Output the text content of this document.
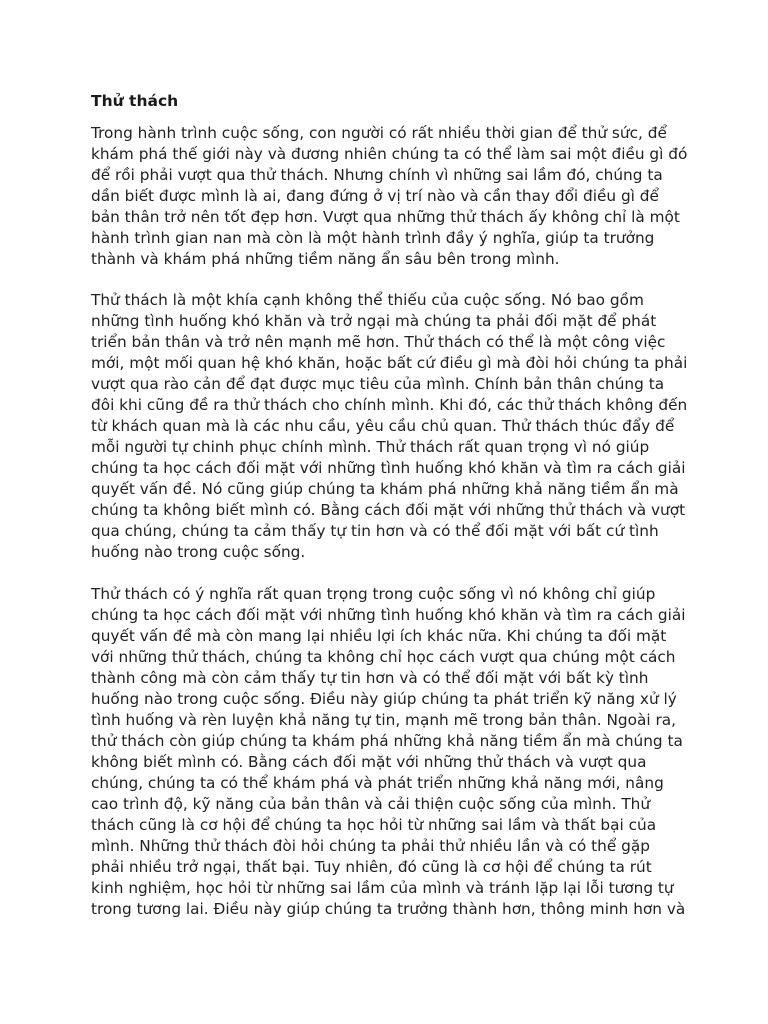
Thử thách

Trong hành trình cuộc sống, con người có rất nhiều thời gian để thử sức, để
khám phá thế giới này và đương nhiên chúng ta có thể làm sai một điều gì đó
để rồi phải vượt qua thử thách. Nhưng chính vì những sai lầm đó, chúng ta
dần biết được mình là ai, đang đứng ở vị trí nào và cần thay đổi điều gì để
bản thân trở nên tốt đẹp hơn. Vượt qua những thử thách ấy không chỉ là một
hành trình gian nan mà còn là một hành trình đầy ý nghĩa, giúp ta trưởng
thành và khám phá những tiềm năng ẩn sâu bên trong mình.

Thử thách là một khía cạnh không thể thiếu của cuộc sống. Nó bao gồm
những tình huống khó khăn và trở ngại mà chúng ta phải đối mặt để phát
triển bản thân và trở nên mạnh mẽ hơn. Thử thách có thể là một công việc
mới, một mối quan hệ khó khăn, hoặc bất cứ điều gì mà đòi hỏi chúng ta phải
vượt qua rào cản để đạt được mục tiêu của mình. Chính bản thân chúng ta
đôi khi cũng đề ra thử thách cho chính mình. Khi đó, các thử thách không đến
từ khách quan mà là các nhu cầu, yêu cầu chủ quan. Thử thách thúc đẩy để
mỗi người tự chinh phục chính mình. Thử thách rất quan trọng vì nó giúp
chúng ta học cách đối mặt với những tình huống khó khăn và tìm ra cách giải
quyết vấn đề. Nó cũng giúp chúng ta khám phá những khả năng tiềm ẩn mà
chúng ta không biết mình có. Bằng cách đối mặt với những thử thách và vượt
qua chúng, chúng ta cảm thấy tự tin hơn và có thể đối mặt với bất cứ tình
huống nào trong cuộc sống.

Thử thách có ý nghĩa rất quan trọng trong cuộc sống vì nó không chỉ giúp
chúng ta học cách đối mặt với những tình huống khó khăn và tìm ra cách giải
quyết vấn đề mà còn mang lại nhiều lợi ích khác nữa. Khi chúng ta đối mặt
với những thử thách, chúng ta không chỉ học cách vượt qua chúng một cách
thành công mà còn cảm thấy tự tin hơn và có thể đối mặt với bất kỳ tình
huống nào trong cuộc sống. Điều này giúp chúng ta phát triển kỹ năng xử lý
tình huống và rèn luyện khả năng tự tin, mạnh mẽ trong bản thân. Ngoài ra,
thử thách còn giúp chúng ta khám phá những khả năng tiềm ẩn mà chúng ta
không biết mình có. Bằng cách đối mặt với những thử thách và vượt qua
chúng, chúng ta có thể khám phá và phát triển những khả năng mới, nâng
cao trình độ, kỹ năng của bản thân và cải thiện cuộc sống của mình. Thử
thách cũng là cơ hội để chúng ta học hỏi từ những sai lầm và thất bại của
mình. Những thử thách đòi hỏi chúng ta phải thử nhiều lần và có thể gặp
phải nhiều trở ngại, thất bại. Tuy nhiên, đó cũng là cơ hội để chúng ta rút
kinh nghiệm, học hỏi từ những sai lầm của mình và tránh lặp lại lỗi tương tự
trong tương lai. Điều này giúp chúng ta trưởng thành hơn, thông minh hơn và
